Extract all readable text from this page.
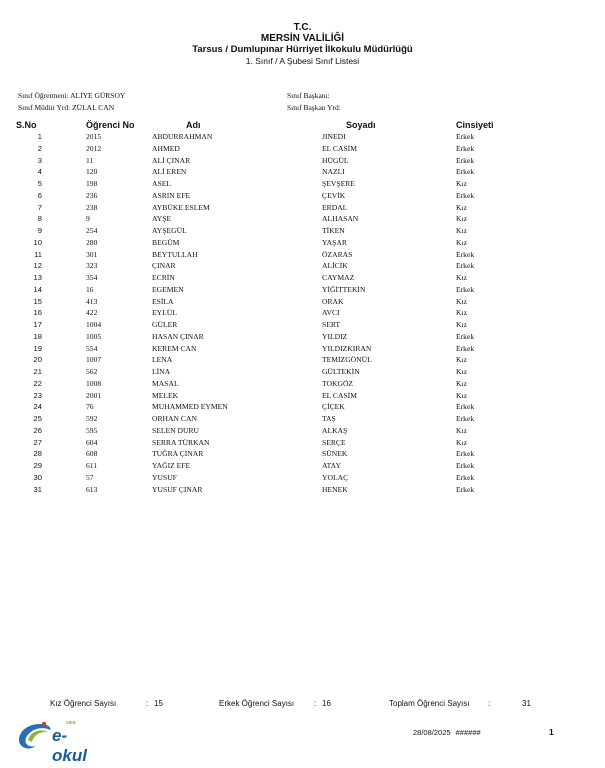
T.C.
MERSİN VALİLİĞİ
Tarsus / Dumlupınar Hürriyet İlkokulu Müdürlüğü
1. Sınıf / A Şubesi Sınıf Listesi
Sınıf Öğretmeni: ALİYE GÜRSOY
Sınıf Müdür Yrd: ZÜLAL CAN
Sınıf Başkanı:
Sınıf Başkan Yrd:
S.No	Öğrenci No	Adı	Soyadı	Cinsiyeti
1	2015	ABDURRAHMAN	JINEDI	Erkek
2	2012	AHMED	EL CASİM	Erkek
3	11	ALİ ÇINAR	HÜGÜL	Erkek
4	120	ALİ EREN	NAZLI	Erkek
5	198	ASEL	ŞEVŞERE	Kız
6	236	ASRIN EFE	ÇEVİK	Erkek
7	238	AYBÜKE ESLEM	ERDAL	Kız
8	9	AYŞE	ALHASAN	Kız
9	254	AYŞEGÜL	TİKEN	Kız
10	280	BEGÜM	YAŞAR	Kız
11	301	BEYTULLAH	ÖZARAS	Erkek
12	323	ÇINAR	ALİCİK	Erkek
13	354	ECRİN	CAYMAZ	Kız
14	16	EGEMEN	YİĞİTTEKİN	Erkek
15	413	ESİLA	ORAK	Kız
16	422	EYLÜL	AVCI	Kız
17	1004	GÜLER	SERT	Kız
18	1005	HASAN ÇINAR	YILDIZ	Erkek
19	554	KEREM CAN	YILDIZKIRAN	Erkek
20	1007	LENA	TEMİZGÖNÜL	Kız
21	562	LİNA	GÜLTEKİN	Kız
22	1008	MASAL	TOKGÖZ	Kız
23	2001	MELEK	EL CASİM	Kız
24	76	MUHAMMED EYMEN	ÇİÇEK	Erkek
25	592	ORHAN CAN	TAŞ	Erkek
26	595	SELEN DURU	ALKAŞ	Kız
27	604	SERRA TÜRKAN	SERÇE	Kız
28	608	TUĞRA ÇINAR	SÜNEK	Erkek
29	611	YAĞIZ EFE	ATAY	Erkek
30	57	YUSUF	YOLAÇ	Erkek
31	613	YUSUF ÇINAR	HENEK	Erkek
Kız Öğrenci Sayısı	: 15	Erkek Öğrenci Sayısı : 16	Toplam Öğrenci Sayısı :	31
MEB
e-okul
28/08/2025 ######	1
